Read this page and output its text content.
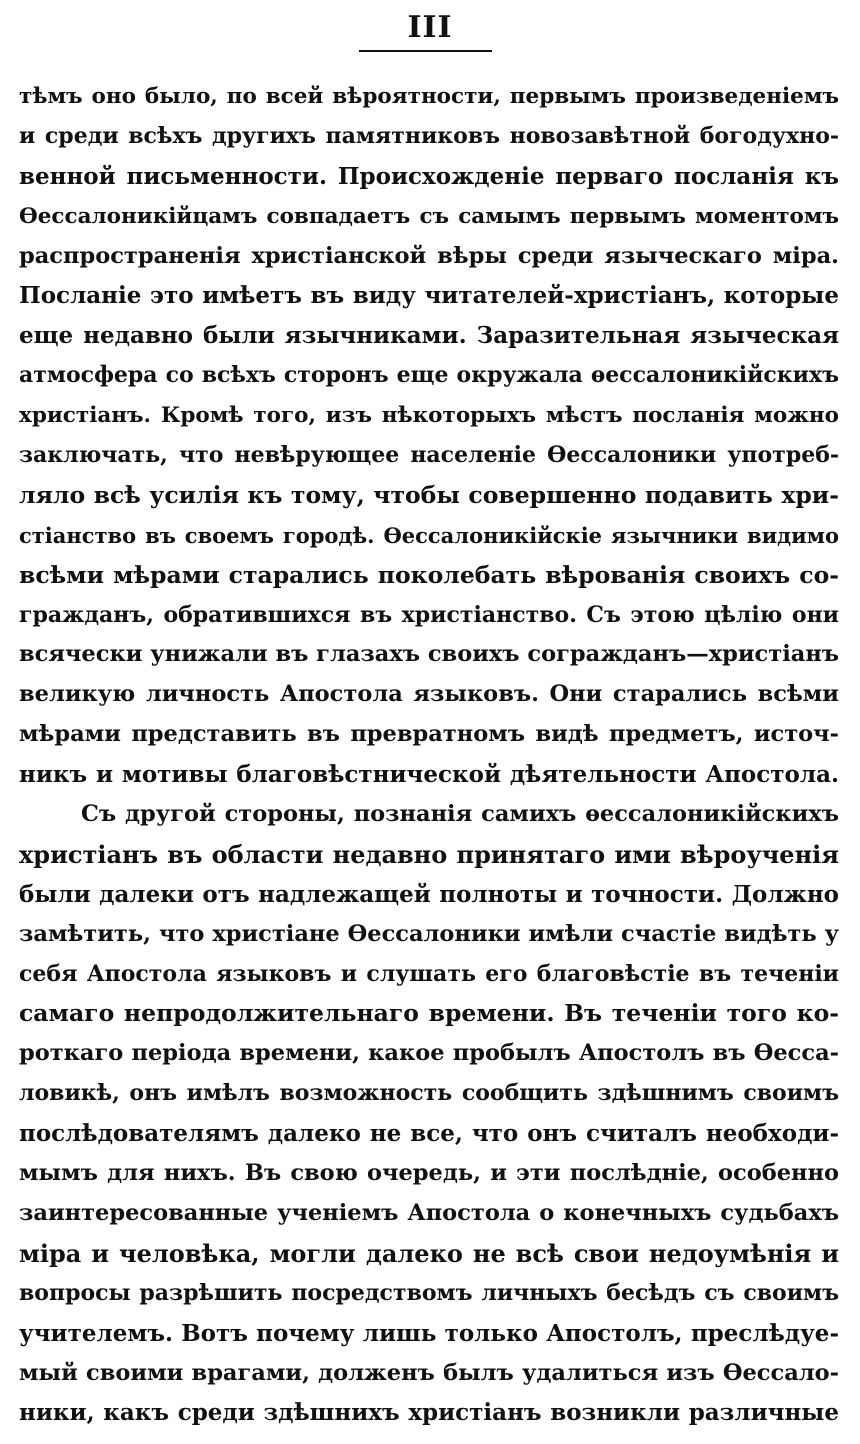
III
тѣмъ оно было, по всей вѣроятности, первымъ произведеніемъ
и среди всѣхъ другихъ памятниковъ новозавѣтной богодухно-
венной письменности. Происхожденіе перваго посланія къ
Ѳессалоникійцамъ совпадаетъ съ самымъ первымъ моментомъ
распространенія христіанской вѣры среди языческаго міра.
Посланіе это имѣетъ въ виду читателей-христіанъ, которые
еще недавно были язычниками. Заразительная языческая
атмосфера со всѣхъ сторонъ еще окружала ѳессалоникійскихъ
христіанъ. Кромѣ того, изъ нѣкоторыхъ мѣстъ посланія можно
заключать, что невѣрующее населеніе Ѳессалоники употреб-
ляло всѣ усилія къ тому, чтобы совершенно подавить хри-
стіанство въ своемъ городѣ. Ѳессалоникійскіе язычники видимо
всѣми мѣрами старались поколебать вѣрованія своихъ со-
гражданъ, обратившихся въ христіанство. Съ этою цѣлію они
всячески унижали въ глазахъ своихъ согражданъ—христіанъ
великую личность Апостола языковъ. Они старались всѣми
мѣрами представить въ превратномъ видѣ предметъ, источ-
никъ и мотивы благовѣстнической дѣятельности Апостола.
Съ другой стороны, познанія самихъ ѳессалоникійскихъ
христіанъ въ области недавно принятаго ими вѣроученія
были далеки отъ надлежащей полноты и точности. Должно
замѣтить, что христіане Ѳессалоники имѣли счастіе видѣть у
себя Апостола языковъ и слушать его благовѣстіе въ теченіи
самаго непродолжительнаго времени. Въ теченіи того ко-
роткаго періода времени, какое пробылъ Апостолъ въ Ѳесса-
ловикѣ, онъ имѣлъ возможность сообщить здѣшнимъ своимъ
послѣдователямъ далеко не все, что онъ считалъ необходи-
мымъ для нихъ. Въ свою очередь, и эти послѣдніе, особенно
заинтересованные ученіемъ Апостола о конечныхъ судьбахъ
міра и человѣка, могли далеко не всѣ свои недоумѣнія и
вопросы разрѣшить посредствомъ личныхъ бесѣдъ съ своимъ
учителемъ. Вотъ почему лишь только Апостолъ, преслѣдуе-
мый своими врагами, долженъ былъ удалиться изъ Ѳессало-
ники, какъ среди здѣшнихъ христіанъ возникли различные
